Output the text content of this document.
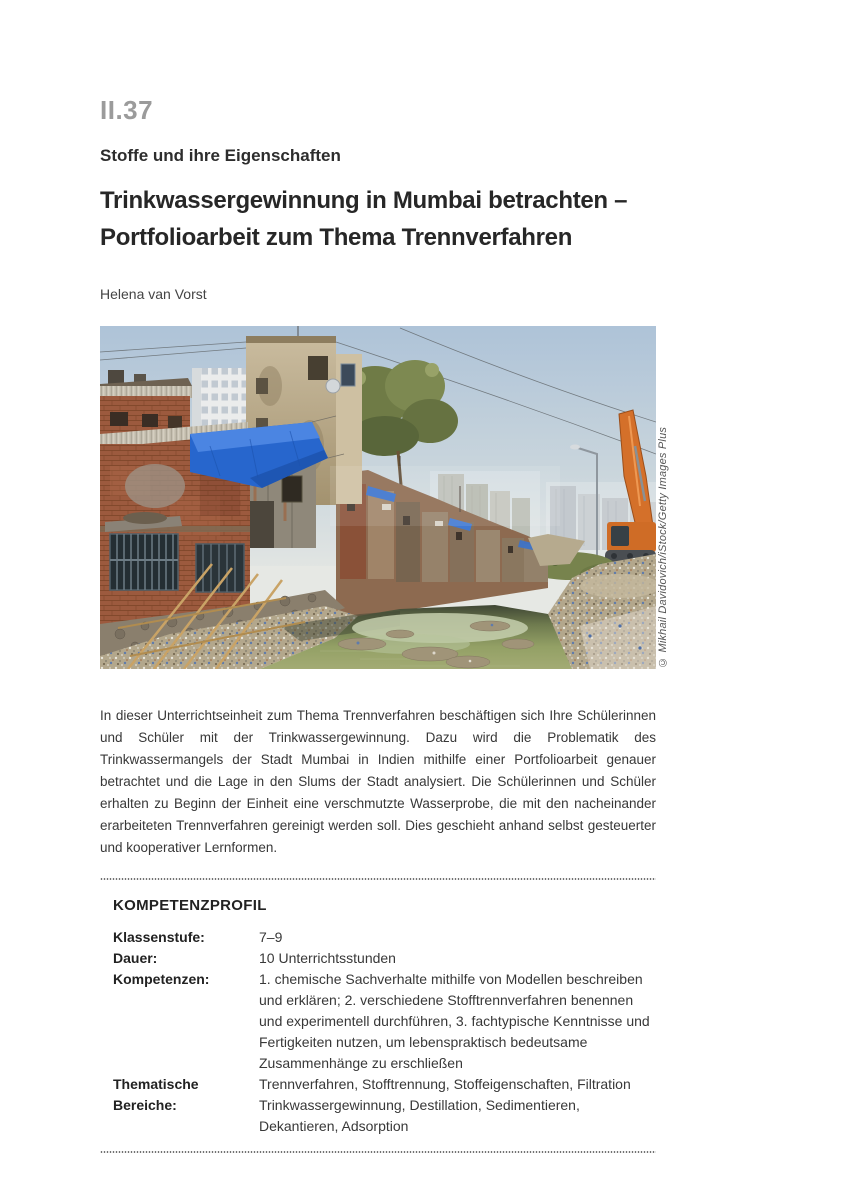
II.37
Stoffe und ihre Eigenschaften
Trinkwassergewinnung in Mumbai betrachten –
Portfolioarbeit zum Thema Trennverfahren
Helena van Vorst

In dieser Unterrichtseinheit zum Thema Trennverfahren beschäftigen sich Ihre Schülerinnen und Schüler mit der Trinkwassergewinnung. Dazu wird die Problematik des Trinkwassermangels der Stadt Mumbai in Indien mithilfe einer Portfolioarbeit genauer betrachtet und die Lage in den Slums der Stadt analysiert. Die Schülerinnen und Schüler erhalten zu Beginn der Einheit eine verschmutzte Wasserprobe, die mit den nacheinander erarbeiteten Trennverfahren gereinigt werden soll. Dies geschieht anhand selbst gesteuerter und kooperativer Lernformen.

KOMPETENZPROFIL
Klassenstufe:	7–9
Dauer:	10 Unterrichtsstunden
Kompetenzen:	1. chemische Sachverhalte mithilfe von Modellen beschreiben und erklären; 2. verschiedene Stofftrennverfahren benennen und experimentell durchführen, 3. fachtypische Kenntnisse und Fertigkeiten nutzen, um lebenspraktisch bedeutsame Zusammenhänge zu erschließen
Thematische Bereiche:
Trennverfahren, Stofftrennung, Stoffeigenschaften, Filtration Trinkwassergewinnung, Destillation, Sedimentieren, Dekantieren, Adsorption
© Mikhail Davidovich/iStock/Getty Images Plus
